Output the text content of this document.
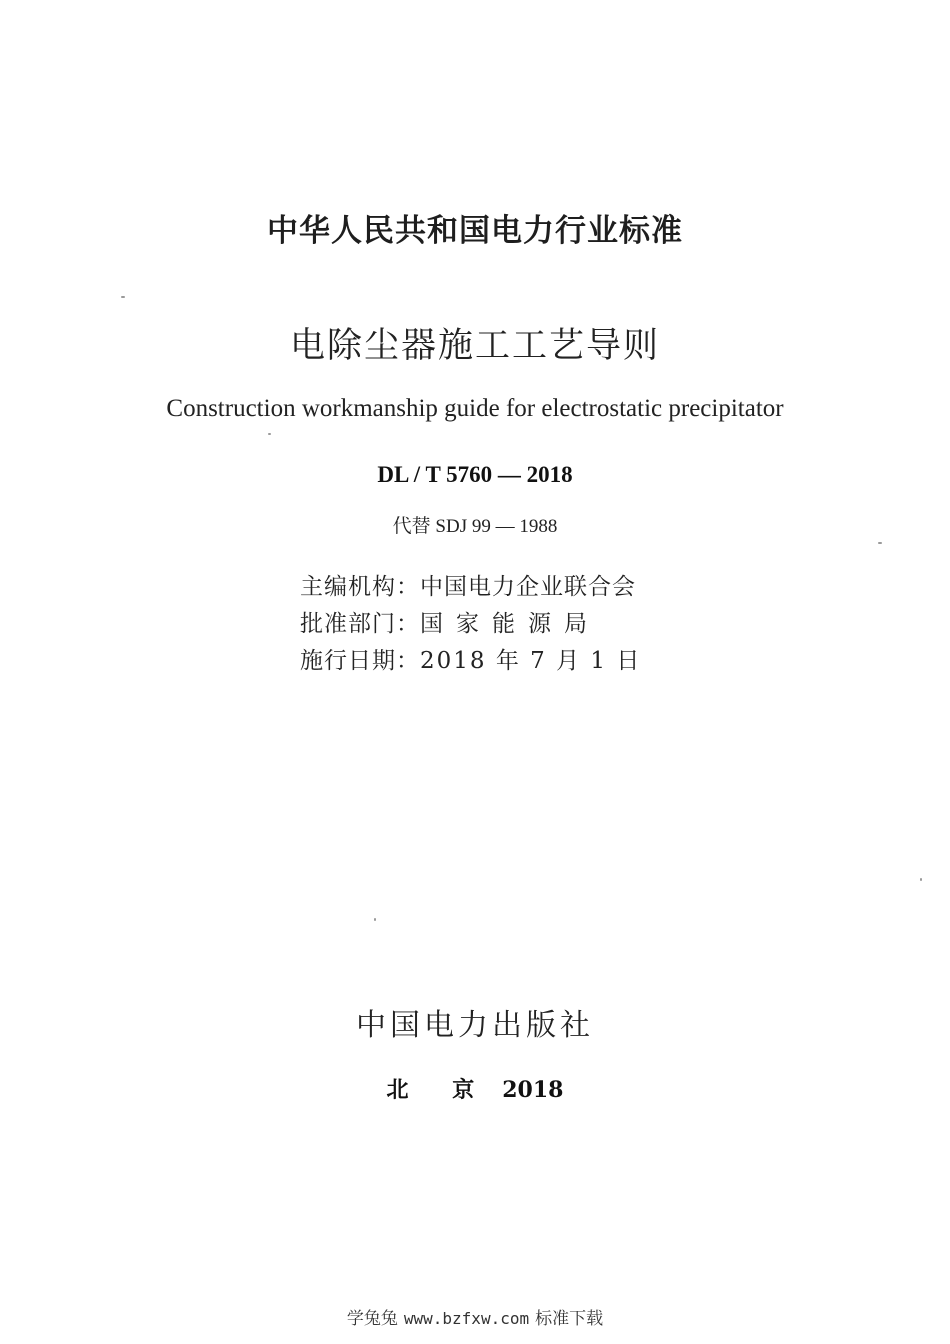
中华人民共和国电力行业标准
电除尘器施工工艺导则
Construction workmanship guide for electrostatic precipitator
DL / T 5760 — 2018
代替 SDJ 99 — 1988
主编机构：中国电力企业联合会
批准部门：国家能源局
施行日期：2018 年 7 月 1 日
中国电力出版社
北 京 2018
学兔兔 www.bzfxw.com 标准下载
